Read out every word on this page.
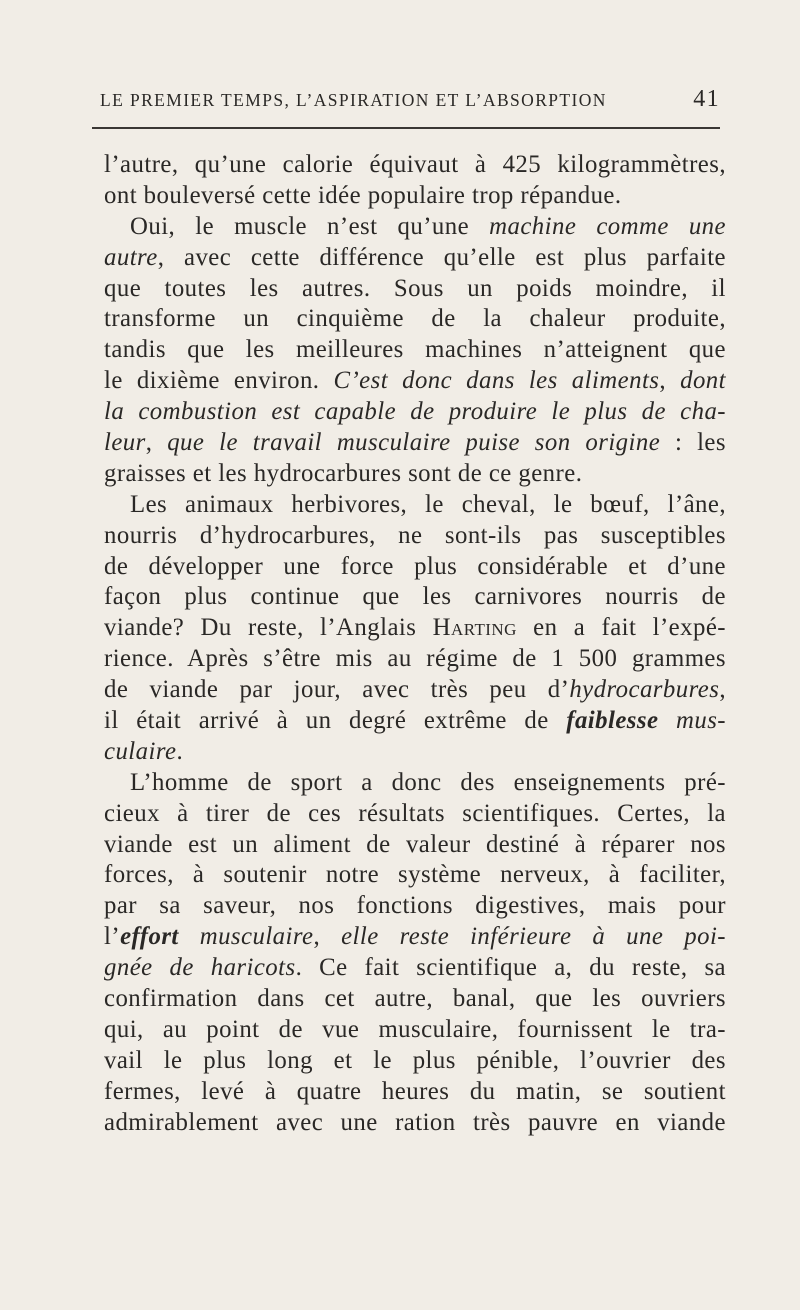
LE PREMIER TEMPS, L’ASPIRATION ET L’ABSORPTION	41
l’autre, qu’une calorie équivaut à 425 kilogrammètres,
ont bouleversé cette idée populaire trop répandue.
Oui, le muscle n’est qu’une machine comme une
autre, avec cette différence qu’elle est plus parfaite
que toutes les autres. Sous un poids moindre, il
transforme un cinquième de la chaleur produite,
tandis que les meilleures machines n’atteignent que
le dixième environ. C’est donc dans les aliments, dont
la combustion est capable de produire le plus de cha-
leur, que le travail musculaire puise son origine : les
graisses et les hydrocarbures sont de ce genre.
Les animaux herbivores, le cheval, le bœuf, l’âne,
nourris d’hydrocarbures, ne sont-ils pas susceptibles
de développer une force plus considérable et d’une
façon plus continue que les carnivores nourris de
viande? Du reste, l’Anglais Harting en a fait l’expé-
rience. Après s’être mis au régime de 1 500 grammes
de viande par jour, avec très peu d’hydrocarbures,
il était arrivé à un degré extrême de faiblesse mus-
culaire.
L’homme de sport a donc des enseignements pré-
cieux à tirer de ces résultats scientifiques. Certes, la
viande est un aliment de valeur destiné à réparer nos
forces, à soutenir notre système nerveux, à faciliter,
par sa saveur, nos fonctions digestives, mais pour
l’effort musculaire, elle reste inférieure à une poi-
gnée de haricots. Ce fait scientifique a, du reste, sa
confirmation dans cet autre, banal, que les ouvriers
qui, au point de vue musculaire, fournissent le tra-
vail le plus long et le plus pénible, l’ouvrier des
fermes, levé à quatre heures du matin, se soutient
admirablement avec une ration très pauvre en viande
